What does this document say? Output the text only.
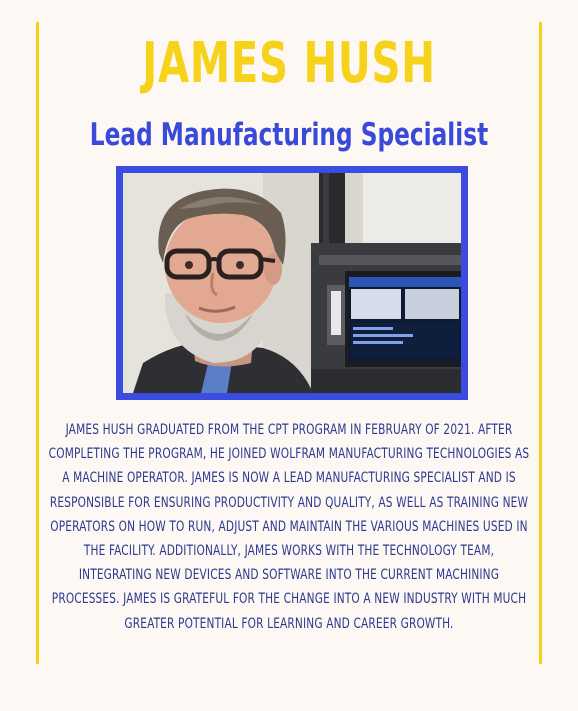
JAMES HUSH
Lead Manufacturing Specialist
JAMES HUSH GRADUATED FROM THE CPT PROGRAM IN FEBRUARY OF 2021. AFTER COMPLETING THE PROGRAM, HE JOINED WOLFRAM MANUFACTURING TECHNOLOGIES AS A MACHINE OPERATOR. JAMES IS NOW A LEAD MANUFACTURING SPECIALIST AND IS RESPONSIBLE FOR ENSURING PRODUCTIVITY AND QUALITY, AS WELL AS TRAINING NEW OPERATORS ON HOW TO RUN, ADJUST AND MAINTAIN THE VARIOUS MACHINES USED IN THE FACILITY. ADDITIONALLY, JAMES WORKS WITH THE TECHNOLOGY TEAM, INTEGRATING NEW DEVICES AND SOFTWARE INTO THE CURRENT MACHINING PROCESSES. JAMES IS GRATEFUL FOR THE CHANGE INTO A NEW INDUSTRY WITH MUCH GREATER POTENTIAL FOR LEARNING AND CAREER GROWTH.
